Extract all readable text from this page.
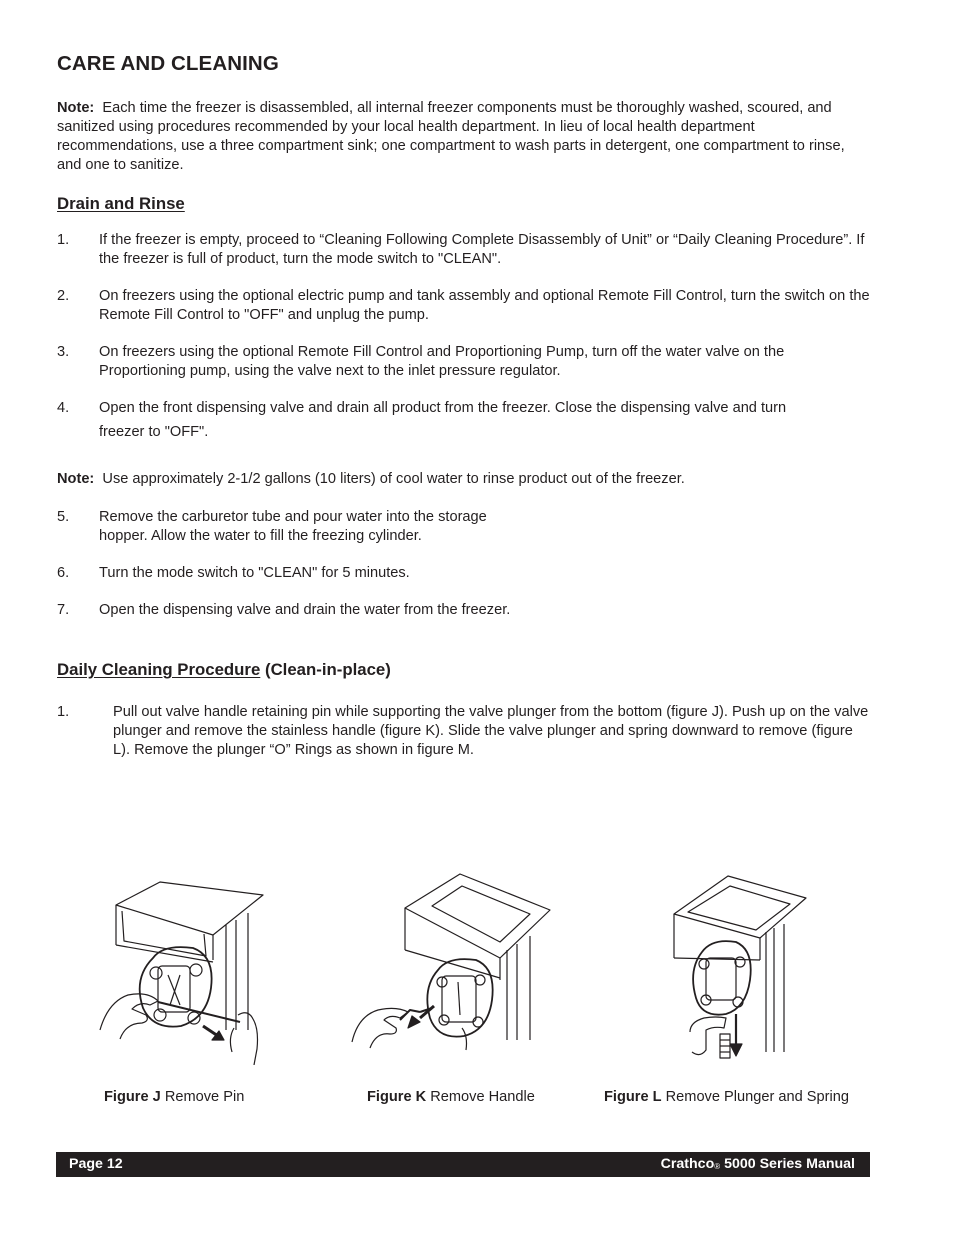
CARE AND CLEANING

Note: Each time the freezer is disassembled, all internal freezer components must be thoroughly washed, scoured, and sanitized using procedures recommended by your local health department. In lieu of local health department recommendations, use a three compartment sink; one compartment to wash parts in detergent, one compartment to rinse, and one to sanitize.

Drain and Rinse
1. If the freezer is empty, proceed to “Cleaning Following Complete Disassembly of Unit” or “Daily Cleaning Procedure”. If the freezer is full of product, turn the mode switch to "CLEAN".
2. On freezers using the optional electric pump and tank assembly and optional Remote Fill Control, turn the switch on the Remote Fill Control to "OFF" and unplug the pump.
3. On freezers using the optional Remote Fill Control and Proportioning Pump, turn off the water valve on the Proportioning pump, using the valve next to the inlet pressure regulator.
4. Open the front dispensing valve and drain all product from the freezer. Close the dispensing valve and turn
freezer to "OFF".

Note: Use approximately 2-1/2 gallons (10 liters) of cool water to rinse product out of the freezer.

5. Remove the carburetor tube and pour water into the storage
hopper. Allow the water to fill the freezing cylinder.
6. Turn the mode switch to "CLEAN" for 5 minutes.
7. Open the dispensing valve and drain the water from the freezer.
Daily Cleaning Procedure (Clean-in-place)
1.	Pull out valve handle retaining pin while supporting the valve plunger from the bottom (figure J). Push up on the valve plunger and remove the stainless handle (figure K). Slide the valve plunger and spring downward to remove (figure L). Remove the plunger “O” Rings as shown in figure M.
Figure J Remove Pin	Figure K Remove Handle	Figure L Remove Plunger and Spring
Page 12	Crathco® 5000 Series Manual
